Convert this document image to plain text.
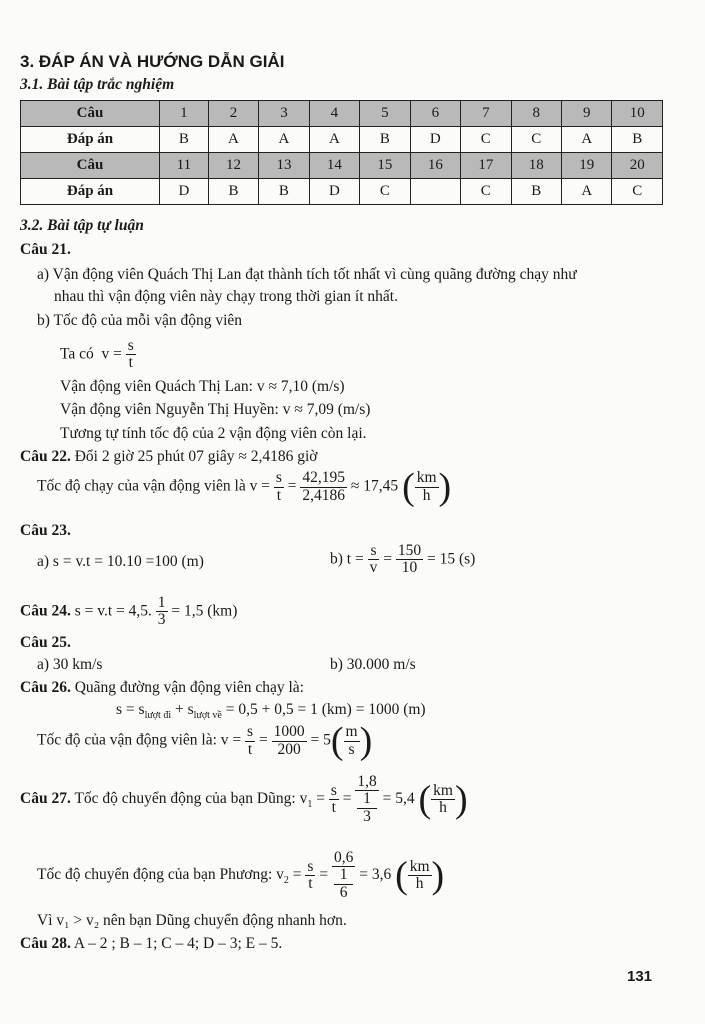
3. ĐÁP ÁN VÀ HƯỚNG DẪN GIẢI
3.1. Bài tập trắc nghiệm
Câu	1	2	3	4	5	6	7	8	9	10
Đáp án	B	A	A	A	B	D	C	C	A	B
Câu	11	12	13	14	15	16	17	18	19	20
Đáp án	D	B	B	D	C		C	B	A	C
3.2. Bài tập tự luận
Câu 21.
a) Vận động viên Quách Thị Lan đạt thành tích tốt nhất vì cùng quãng đường chạy như
nhau thì vận động viên này chạy trong thời gian ít nhất.
b) Tốc độ của mỗi vận động viên
Ta có $v = \frac{s}{t}$
Vận động viên Quách Thị Lan: v ≈ 7,10 (m/s)
Vận động viên Nguyễn Thị Huyền: v ≈ 7,09 (m/s)
Tương tự tính tốc độ của 2 vận động viên còn lại.
Câu 22. Đổi 2 giờ 25 phút 07 giây ≈ 2,4186 giờ
Tốc độ chạy của vận động viên là $v = \frac{s}{t} = \frac{42,195}{2,4186} \approx 17,45$ ( $\frac{km}{h}$ )
Câu 23.
a) s = v.t = 10.10 =100 (m)	b) $t = \frac{s}{v} = \frac{150}{10} = 15$ (s)
Câu 24. s = v.t = 4,5. $\frac{1}{3} = 1,5$ (km)
Câu 25.
a) 30 km/s	b) 30.000 m/s
Câu 26. Quãng đường vận động viên chạy là:
$s = s_{lượt đi} + s_{lượt về} = 0,5 + 0,5 = 1$ (km) = 1000 (m)
Tốc độ của vận động viên là: $v = \frac{s}{t} = \frac{1000}{200} = 5( \frac{m}{s}$ )
Câu 27. Tốc độ chuyển động của bạn Dũng: $v_1 = \frac{s}{t} = 1,8$
1
3 = 5,4 ( $\frac{km}{h}$ )
Tốc độ chuyển động của bạn Phương: $v_2 = \frac{s}{t} = 0,6$
1
6 = 3,6 ( $\frac{km}{h}$ )
Vì v₁ > v₂ nên bạn Dũng chuyển động nhanh hơn.
Câu 28. A – 2 ; B – 1; C – 4; D – 3; E – 5.
131
